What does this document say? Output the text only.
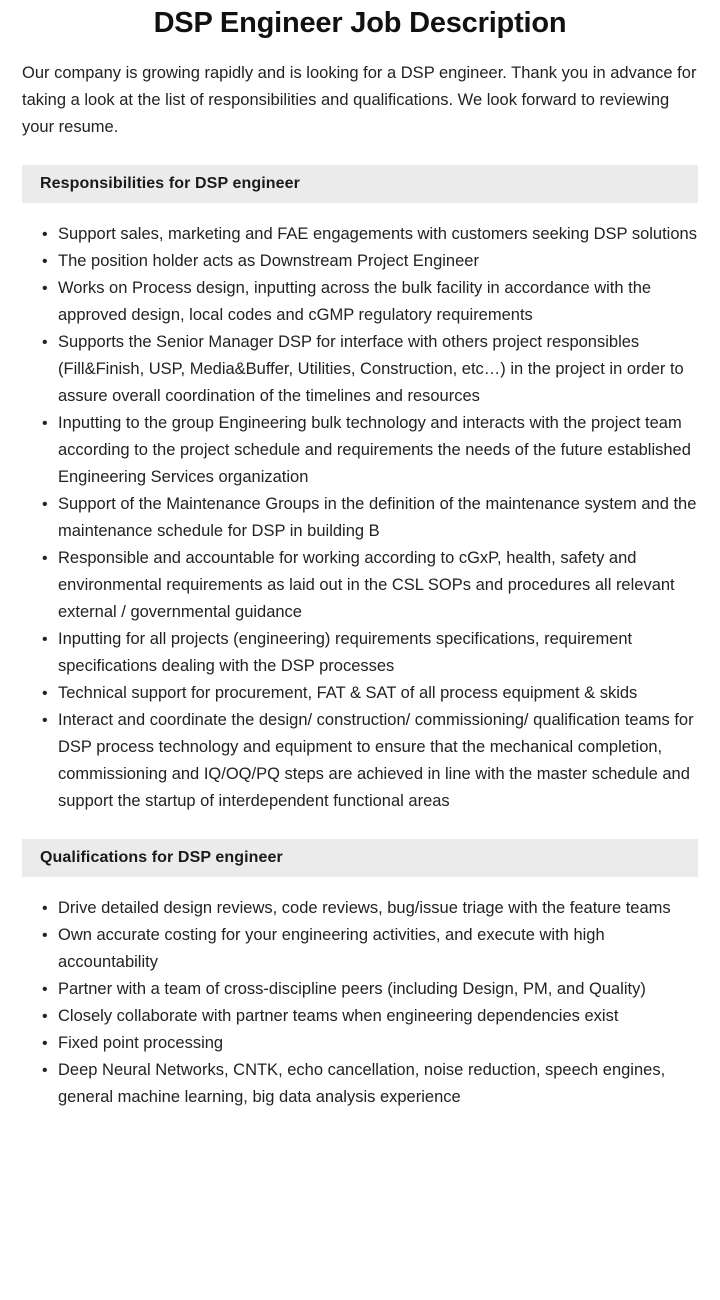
DSP Engineer Job Description

Our company is growing rapidly and is looking for a DSP engineer. Thank you in advance for taking a look at the list of responsibilities and qualifications. We look forward to reviewing your resume.

Responsibilities for DSP engineer
• Support sales, marketing and FAE engagements with customers seeking DSP solutions
• The position holder acts as Downstream Project Engineer
• Works on Process design, inputting across the bulk facility in accordance with the approved design, local codes and cGMP regulatory requirements
• Supports the Senior Manager DSP for interface with others project responsibles (Fill&Finish, USP, Media&Buffer, Utilities, Construction, etc…) in the project in order to assure overall coordination of the timelines and resources
• Inputting to the group Engineering bulk technology and interacts with the project team according to the project schedule and requirements the needs of the future established Engineering Services organization
• Support of the Maintenance Groups in the definition of the maintenance system and the maintenance schedule for DSP in building B
• Responsible and accountable for working according to cGxP, health, safety and environmental requirements as laid out in the CSL SOPs and procedures all relevant external / governmental guidance
• Inputting for all projects (engineering) requirements specifications, requirement specifications dealing with the DSP processes
• Technical support for procurement, FAT & SAT of all process equipment & skids
• Interact and coordinate the design/ construction/ commissioning/ qualification teams for DSP process technology and equipment to ensure that the mechanical completion, commissioning and IQ/OQ/PQ steps are achieved in line with the master schedule and support the startup of interdependent functional areas
Qualifications for DSP engineer
• Drive detailed design reviews, code reviews, bug/issue triage with the feature teams
• Own accurate costing for your engineering activities, and execute with high accountability
• Partner with a team of cross-discipline peers (including Design, PM, and Quality)
• Closely collaborate with partner teams when engineering dependencies exist
• Fixed point processing
• Deep Neural Networks, CNTK, echo cancellation, noise reduction, speech engines, general machine learning, big data analysis experience
